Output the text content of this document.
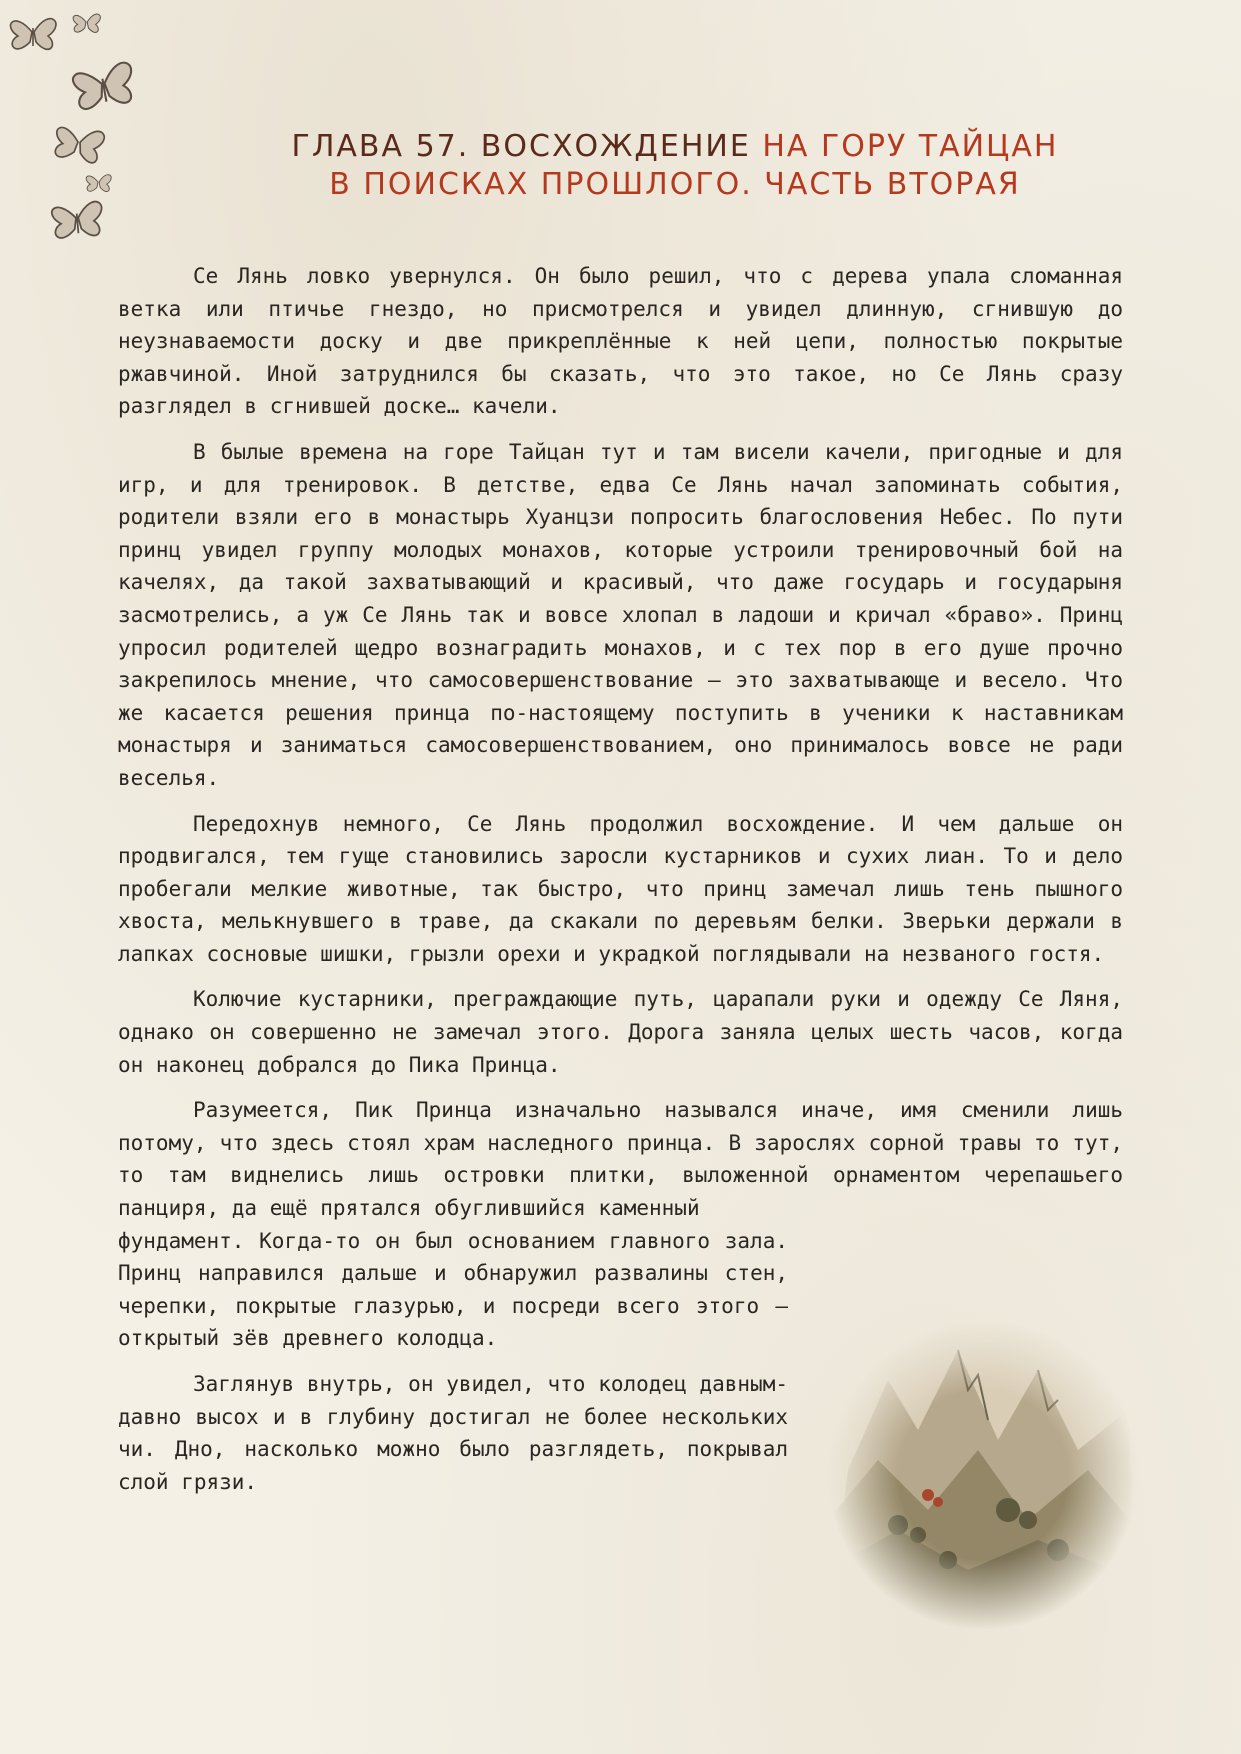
ГЛАВА 57. ВОСХОЖДЕНИЕ НА ГОРУ ТАЙЦАН
В ПОИСКАХ ПРОШЛОГО. ЧАСТЬ ВТОРАЯ

Се Лянь ловко увернулся. Он было решил, что с дерева упала сломанная ветка или птичье гнездо, но присмотрелся и увидел длинную, сгнившую до неузнаваемости доску и две прикреплённые к ней цепи, полностью покрытые ржавчиной. Иной затруднился бы сказать, что это такое, но Се Лянь сразу разглядел в сгнившей доске… качели.

В былые времена на горе Тайцан тут и там висели качели, пригодные и для игр, и для тренировок. В детстве, едва Се Лянь начал запоминать события, родители взяли его в монастырь Хуанцзи попросить благословения Небес. По пути принц увидел группу молодых монахов, которые устроили тренировочный бой на качелях, да такой захватывающий и красивый, что даже государь и государыня засмотрелись, а уж Се Лянь так и вовсе хлопал в ладоши и кричал «браво». Принц упросил родителей щедро вознаградить монахов, и с тех пор в его душе прочно закрепилось мнение, что самосовершенствование — это захватывающе и весело. Что же касается решения принца по-настоящему поступить в ученики к наставникам монастыря и заниматься самосовершенствованием, оно принималось вовсе не ради веселья.

Передохнув немного, Се Лянь продолжил восхождение. И чем дальше он продвигался, тем гуще становились заросли кустарников и сухих лиан. То и дело пробегали мелкие животные, так быстро, что принц замечал лишь тень пышного хвоста, мелькнувшего в траве, да скакали по деревьям белки. Зверьки держали в лапках сосновые шишки, грызли орехи и украдкой поглядывали на незваного гостя.

Колючие кустарники, преграждающие путь, царапали руки и одежду Се Ляня, однако он совершенно не замечал этого. Дорога заняла целых шесть часов, когда он наконец добрался до Пика Принца.

Разумеется, Пик Принца изначально назывался иначе, имя сменили лишь потому, что здесь стоял храм наследного принца. В зарослях сорной травы то тут, то там виднелись лишь островки плитки, выложенной орнаментом черепашьего панциря, да ещё прятался обуглившийся каменный

фундамент. Когда-то он был основанием главного зала. Принц направился дальше и обнаружил развалины стен, черепки, покрытые глазурью, и посреди всего этого — открытый зёв древнего колодца.

Заглянув внутрь, он увидел, что колодец давным-давно высох и в глубину достигал не более нескольких чи. Дно, насколько можно было разглядеть, покрывал слой грязи.
